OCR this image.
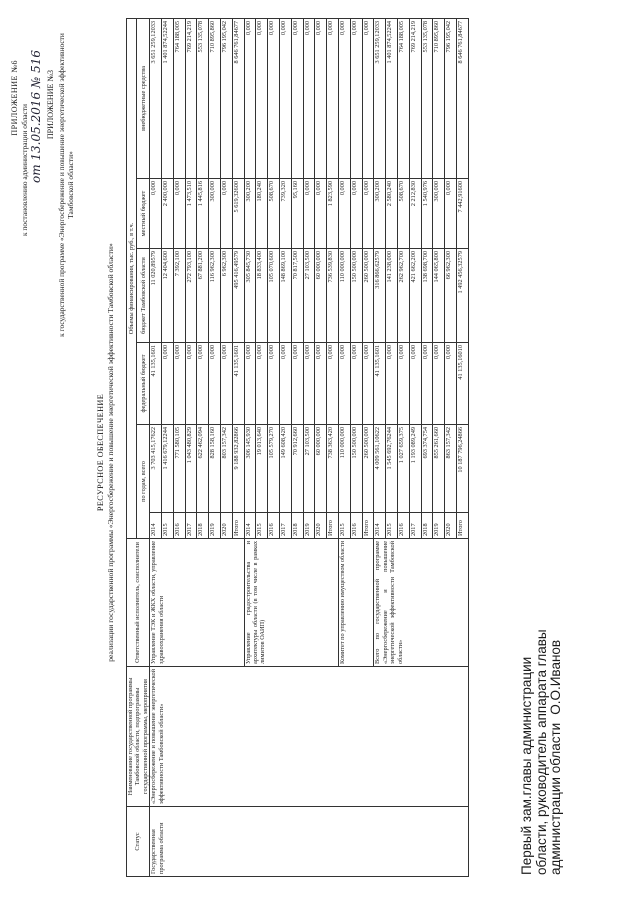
ПРИЛОЖЕНИЕ №6
к постановлению администрации области от 13.05.2016 № 516 ПРИЛОЖЕНИЕ №3 к государственной программе «Энергосбережение и повышение энергетической эффективности Тамбовской области»
РЕСУРСНОЕ ОБЕСПЕЧЕНИЕ реализации государственной программы «Энергосбережение и повышение энергетической эффективности Тамбовской области»
Статус	Наименование государственной программы Тамбовской области, подпрограммы государственной программы, мероприятия	Ответственный исполнитель, соисполнители	Объемы финансирования, тыс. руб., в т.ч.					
			по годам, всего		федеральный бюджет	бюджет Тамбовской области	местный бюджет	внебюджетные средства
Государственная программа области	«Энергосбережение и повышение энергетической эффективности Тамбовской области»	Управление ТЭК и ЖКХ области, управление здравоохранения области	2014	3 703 415,17622	41 135,1601	11 020,89579	0,000	3 651 259,12033
			2015	1 416 679,12244	0,000	12 404,600	2 400,000	1 401 874,52244
			2016	771 580,105	0,000	7 392,100	0,000	764 188,005
			2017	1 043 480,829	0,000	272 793,100	1 473,510	769 214,219
			2018	622 462,094	0,000	67 881,200	1 445,816	553 135,078
			2019	828 158,160	0,000	116 962,300	300,000	710 895,860
			2020	803 157,342	0,000	6 962,300	0,000	796 195,042
			Итого	9 188 932,82866	41 135,1601	495 416,49579	5 619,32600	8 646 761,84677
		Управление градостроительства и архитектуры области (в том числе в рамках лимитов ОАИП)	2014	306 145,930	0,000	305 845,730	300,200	0,000
			2015	19 013,640	0,000	18 833,400	180,240	0,000
			2016	105 579,270	0,000	105 070,600	508,670	0,000
			2017	149 608,420	0,000	148 869,100	739,320	0,000
			2018	70 912,660	0,000	70 817,500	95,160	0,000
			2019	27 103,500	0,000	27 103,500	0,000	0,000
			2020	60 000,000	0,000	60 000,000	0,000	0,000
			Итого	738 363,420	0,000	736 539,830	1 823,590	0,000
		Комитет по управлению имуществом области	2015	110 000,000	0,000	110 000,000	0,000	0,000
			2016	150 500,000	0,000	150 500,000	0,000	0,000
			Итого	260 500,000	0,000	260 500,000	0,000	0,000
		Всего по государственной программе «Энергосбережение и повышение энергетической эффективности Тамбовской области»	2014	4 009 561,10622	41 135,1601	316 866,62579	300,200	3 651 259,12033
			2015	1 545 692,76244	0,000	141 238,000	2 580,240	1 401 874,52244
			2016	1 027 659,375	0,000	262 962,700	508,670	764 188,005
			2017	1 193 089,249	0,000	421 662,200	2 212,830	769 214,219
			2018	693 374,754	0,000	138 698,700	1 540,976	553 135,078
			2019	855 261,660	0,000	144 065,800	300,000	710 895,860
			2020	863 157,342	0,000	66 962,300	0,000	796 195,042
			Итого	10 187 796,24866	41 135,16010	1 492 456,32579	7 442,91600	8 646 761,84677
Первый зам.главы администрации области, руководитель аппарата главы администрации областиО.О.Иванов
